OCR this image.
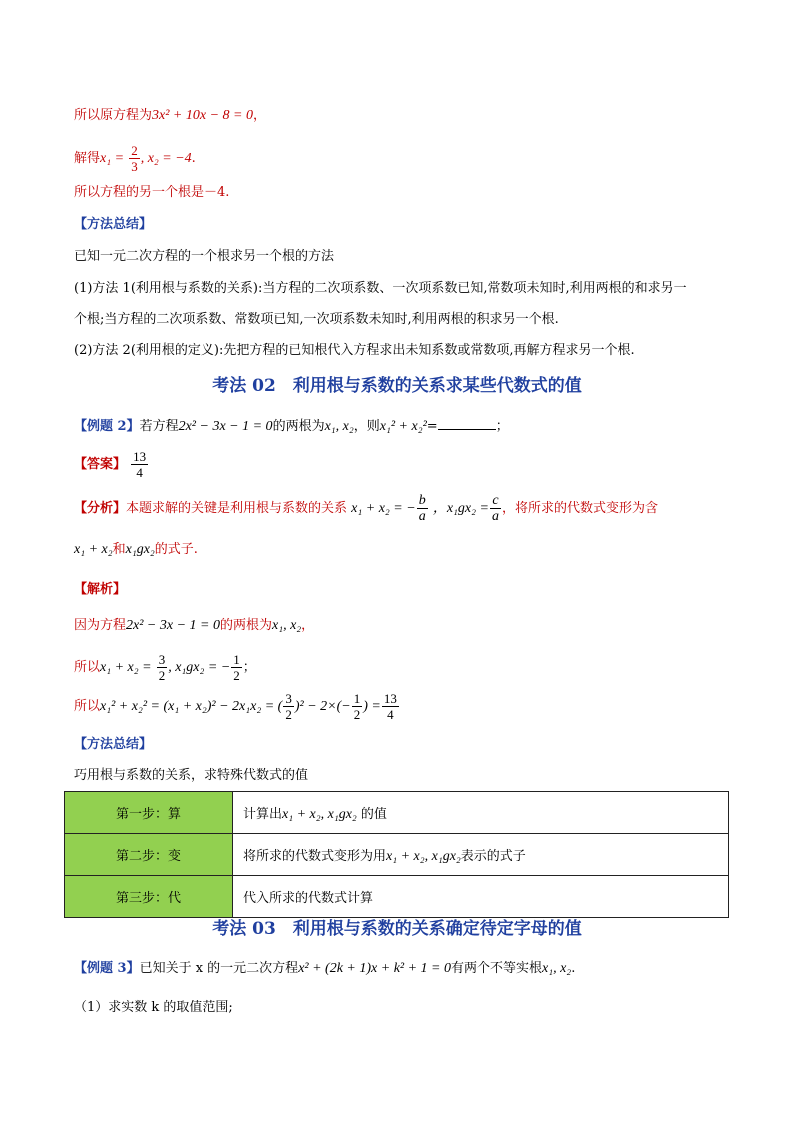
所以原方程为3x² + 10x − 8 = 0，
解得$x_1 = \frac{2}{3}$ , x₂ = −4.
所以方程的另一个根是－4.
【方法总结】
已知一元二次方程的一个根求另一个根的方法
(1)方法 1(利用根与系数的关系):当方程的二次项系数、一次项系数已知,常数项未知时,利用两根的和求另一
个根;当方程的二次项系数、常数项已知,一次项系数未知时,利用两根的积求另一个根.
(2)方法 2(利用根的定义):先把方程的已知根代入方程求出未知系数或常数项,再解方程求另一个根.
考法 02　利用根与系数的关系求某些代数式的值
【例题 2】若方程2x² − 3x − 1 = 0的两根为x₁, x₂，则x₁² + x₂²=	；
【答案】 $\frac{13}{4}$
【分析】本题求解的关键是利用根与系数的关系 x₁ + x₂ = − $\frac{b}{a}$ ，$x_1gx_2 = \frac{c}{a}$ ，将所求的代数式变形为含
x₁ + x₂和x₁gx₂的式子.
【解析】
因为方程2x² − 3x − 1 = 0的两根为x₁, x₂，
所以$x_1 + x_2 = \frac{3}{2}$ , x₁gx₂ = − $\frac{1}{2}$ ；
所以x₁² + x₂² = (x₁ + x₂)² − 2x₁x₂ = ( $\frac{3}{2} )^2 - 2\times(- \frac{1}{2}$ ) = $\frac{13}{4}$
【方法总结】
巧用根与系数的关系，求特殊代数式的值
第一步：算	计算出x₁ + x₂, x₁gx₂ 的值
第二步：变	将所求的代数式变形为用x₁ + x₂, x₁gx₂表示的式子
第三步：代	代入所求的代数式计算
考法 03　利用根与系数的关系确定待定字母的值
【例题 3】已知关于 x 的一元二次方程x² + (2k + 1)x + k² + 1 = 0有两个不等实根x₁, x₂.
（1）求实数 k 的取值范围;
